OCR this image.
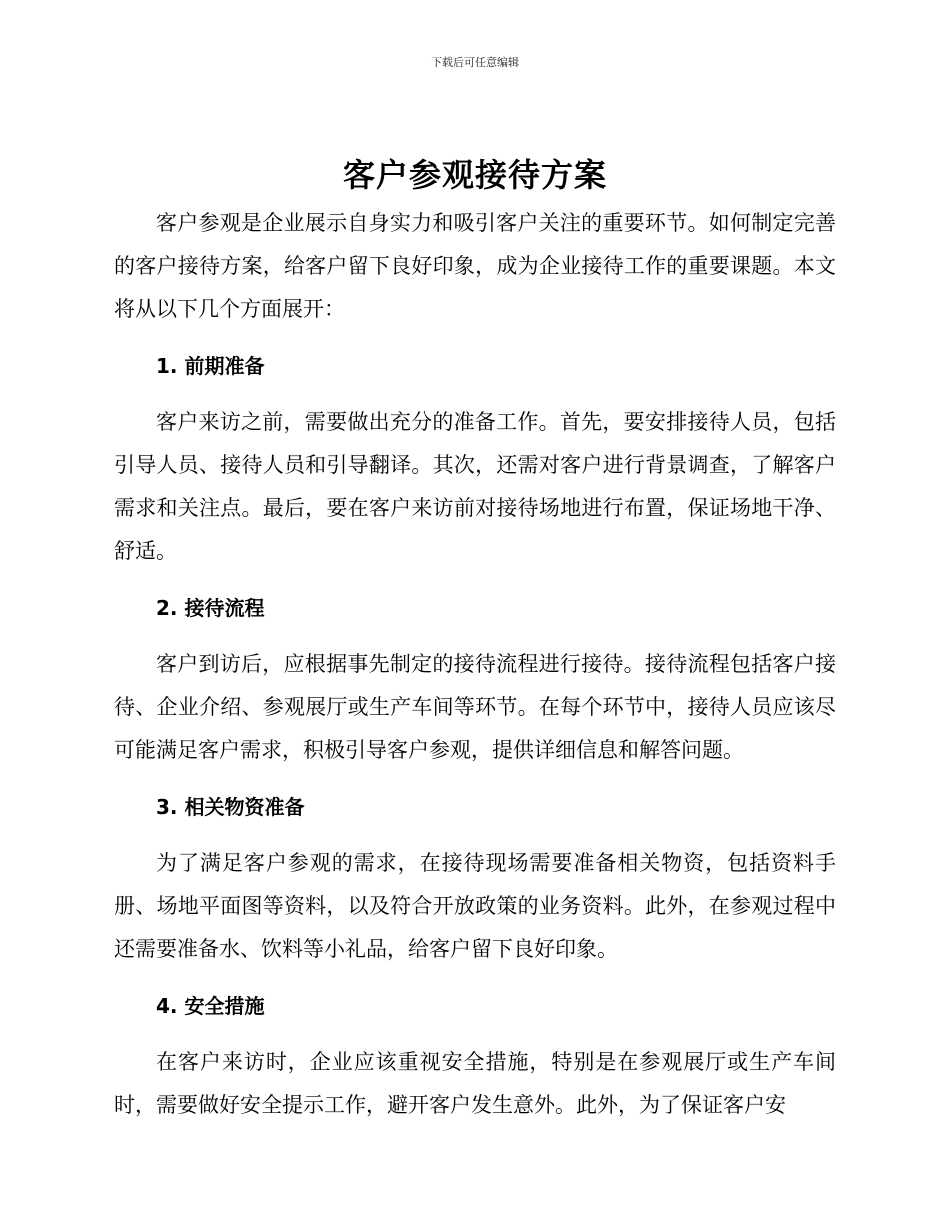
下载后可任意编辑
客户参观接待方案

客户参观是企业展示自身实力和吸引客户关注的重要环节。如何制定完善的客户接待方案，给客户留下良好印象，成为企业接待工作的重要课题。本文将从以下几个方面展开：

1. 前期准备

客户来访之前，需要做出充分的准备工作。首先，要安排接待人员，包括引导人员、接待人员和引导翻译。其次，还需对客户进行背景调查，了解客户需求和关注点。最后，要在客户来访前对接待场地进行布置，保证场地干净、舒适。

2. 接待流程

客户到访后，应根据事先制定的接待流程进行接待。接待流程包括客户接待、企业介绍、参观展厅或生产车间等环节。在每个环节中，接待人员应该尽可能满足客户需求，积极引导客户参观，提供详细信息和解答问题。

3. 相关物资准备

为了满足客户参观的需求，在接待现场需要准备相关物资，包括资料手册、场地平面图等资料，以及符合开放政策的业务资料。此外，在参观过程中还需要准备水、饮料等小礼品，给客户留下良好印象。

4. 安全措施

在客户来访时，企业应该重视安全措施，特别是在参观展厅或生产车间时，需要做好安全提示工作，避开客户发生意外。此外，为了保证客户安
